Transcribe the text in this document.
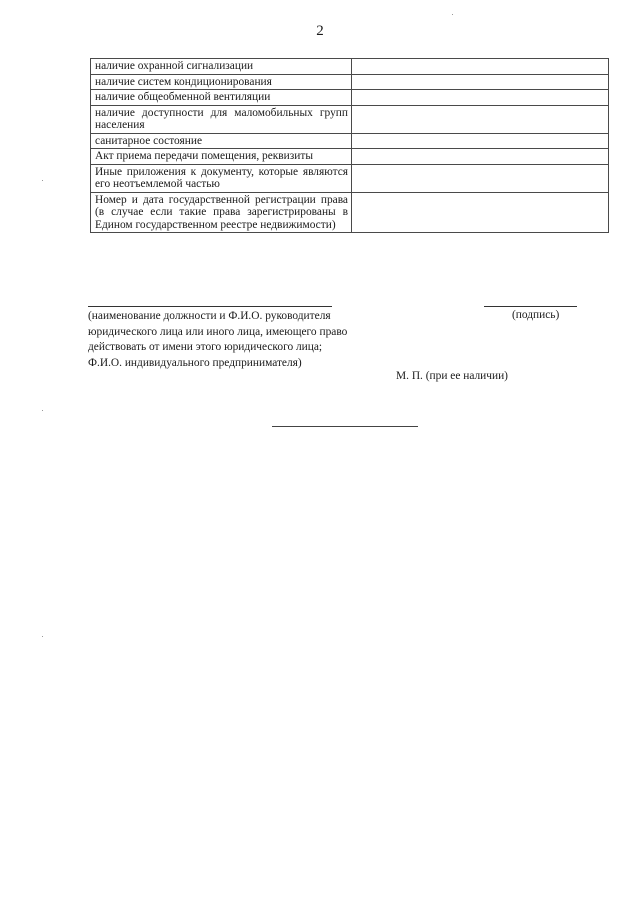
2
наличие охранной сигнализации	
наличие систем кондиционирования	
наличие общеобменной вентиляции	
наличие доступности для маломобильных групп населения	
санитарное состояние	
Акт приема передачи помещения, реквизиты	
Иные приложения к документу, которые являются его неотъемлемой частью	
Номер и дата государственной регистрации права (в случае если такие права зарегистрированы в Едином государственном реестре недвижимости)	
(наименование должности и Ф.И.О. руководителя
юридического лица или иного лица, имеющего право
действовать от имени этого юридического лица;
Ф.И.О. индивидуального предпринимателя)
(подпись)
М. П. (при ее наличии)
